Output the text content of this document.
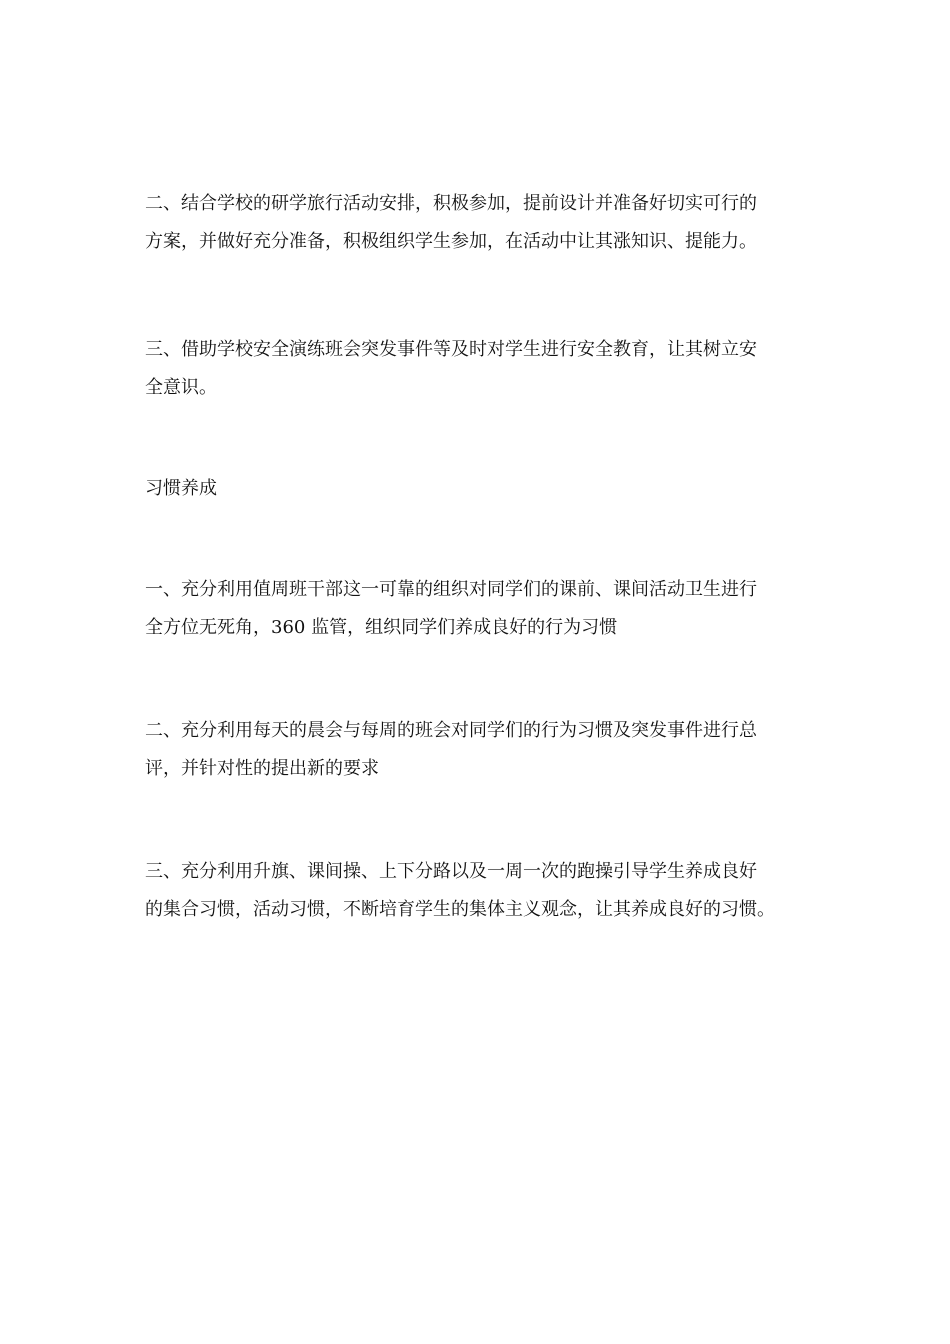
二、结合学校的研学旅行活动安排，积极参加，提前设计并准备好切实可行的
方案，并做好充分准备，积极组织学生参加，在活动中让其涨知识、提能力。
三、借助学校安全演练班会突发事件等及时对学生进行安全教育，让其树立安
全意识。
习惯养成
一、充分利用值周班干部这一可靠的组织对同学们的课前、课间活动卫生进行
全方位无死角，360 监管，组织同学们养成良好的行为习惯
二、充分利用每天的晨会与每周的班会对同学们的行为习惯及突发事件进行总
评，并针对性的提出新的要求
三、充分利用升旗、课间操、上下分路以及一周一次的跑操引导学生养成良好
的集合习惯，活动习惯，不断培育学生的集体主义观念，让其养成良好的习惯。
